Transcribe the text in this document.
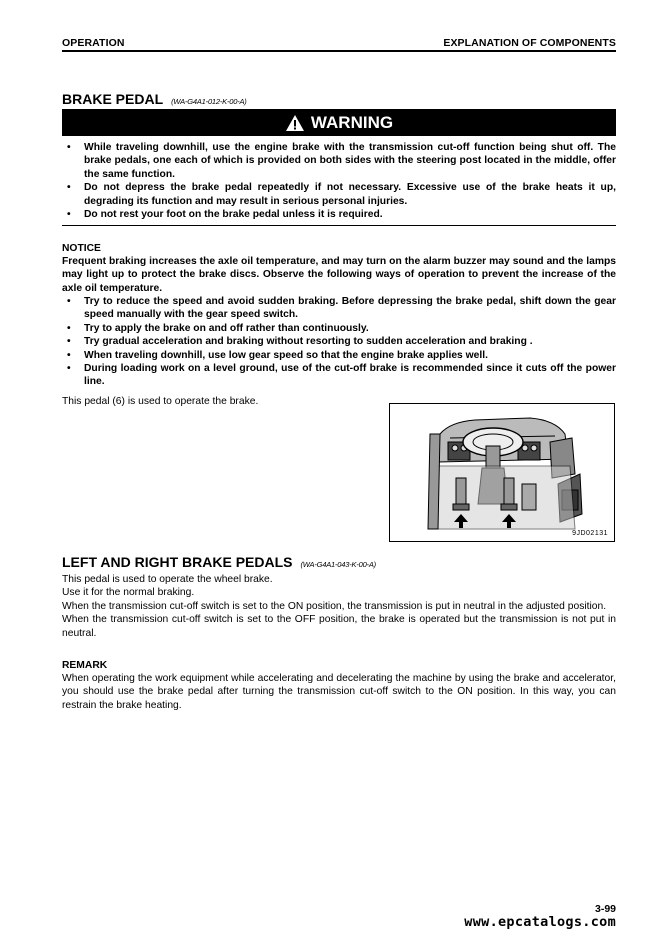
OPERATION	EXPLANATION OF COMPONENTS
BRAKE PEDAL (WA-G4A1-012-K-00-A)
WARNING
•	While traveling downhill, use the engine brake with the transmission cut-off function being shut off. The brake pedals, one each of which is provided on both sides with the steering post located in the middle, offer the same function.
•	Do not depress the brake pedal repeatedly if not necessary. Excessive use of the brake heats it up, degrading its function and may result in serious personal injuries.
•	Do not rest your foot on the brake pedal unless it is required.
NOTICE
Frequent braking increases the axle oil temperature, and may turn on the alarm buzzer may sound and the lamps may light up to protect the brake discs. Observe the following ways of operation to prevent the increase of the axle oil temperature.
•	Try to reduce the speed and avoid sudden braking. Before depressing the brake pedal, shift down the gear speed manually with the gear speed switch.
•	Try to apply the brake on and off rather than continuously.
•	Try gradual acceleration and braking without resorting to sudden acceleration and braking .
•	When traveling downhill, use low gear speed so that the engine brake applies well.
•	During loading work on a level ground, use of the cut-off brake is recommended since it cuts off the power line.
This pedal (6) is used to operate the brake.
9JD02131
LEFT AND RIGHT BRAKE PEDALS (WA-G4A1-043-K-00-A)
This pedal is used to operate the wheel brake.
Use it for the normal braking.
When the transmission cut-off switch is set to the ON position, the transmission is put in neutral in the adjusted position.
When the transmission cut-off switch is set to the OFF position, the brake is operated but the transmission is not put in neutral.
REMARK
When operating the work equipment while accelerating and decelerating the machine by using the brake and accelerator, you should use the brake pedal after turning the transmission cut-off switch to the ON position. In this way, you can restrain the brake heating.
3-99
www.epcatalogs.com
